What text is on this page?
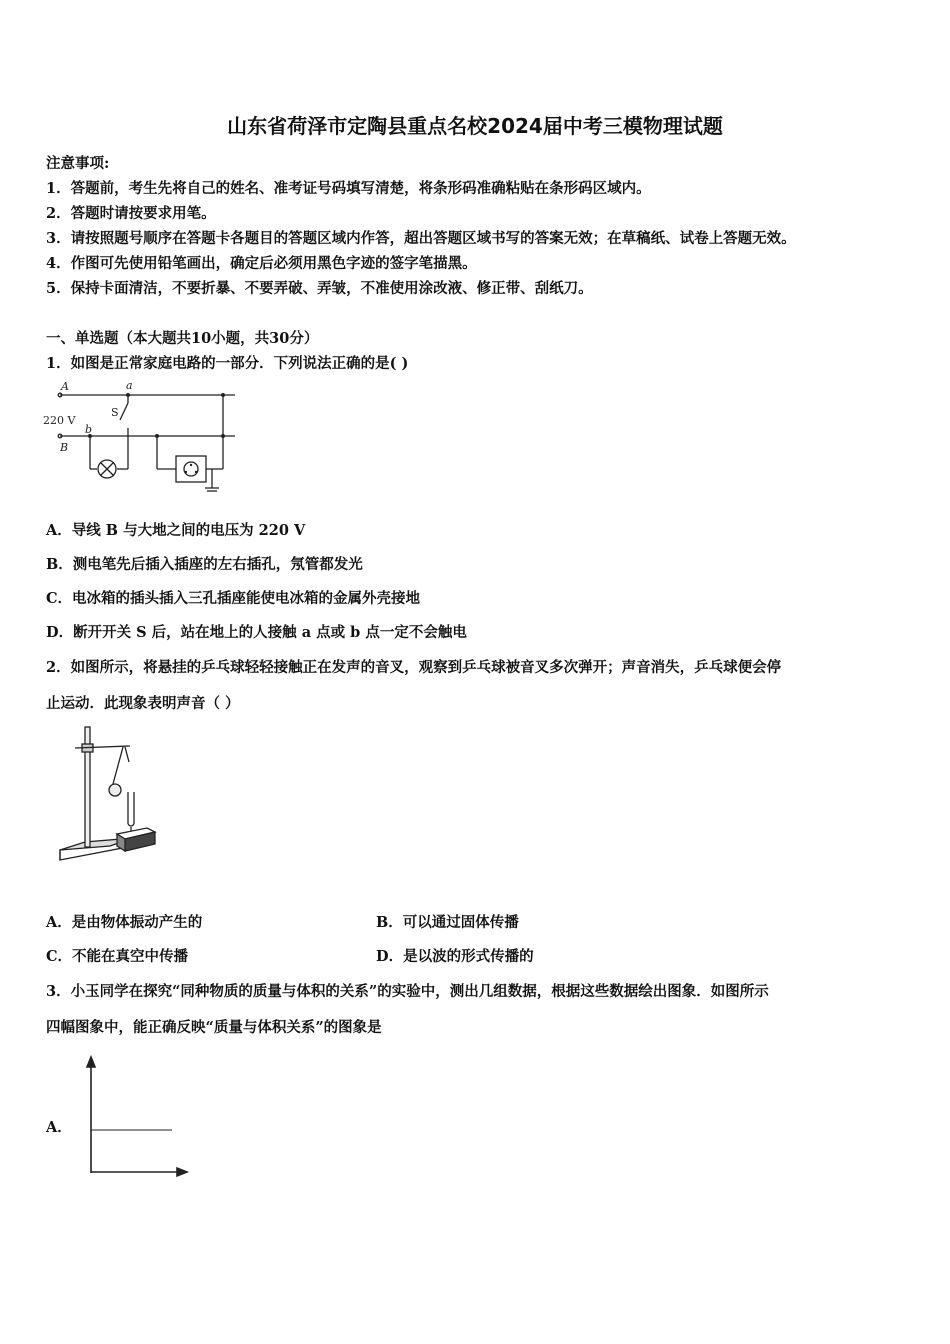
山东省荷泽市定陶县重点名校2024届中考三模物理试题
注意事项:
1．答题前，考生先将自己的姓名、准考证号码填写清楚，将条形码准确粘贴在条形码区域内。
2．答题时请按要求用笔。
3．请按照题号顺序在答题卡各题目的答题区域内作答，超出答题区域书写的答案无效；在草稿纸、试卷上答题无效。
4．作图可先使用铅笔画出，确定后必须用黑色字迹的签字笔描黑。
5．保持卡面清洁，不要折暴、不要弄破、弄皱，不准使用涂改液、修正带、刮纸刀。
一、单选题（本大题共10小题，共30分）
1．如图是正常家庭电路的一部分．下列说法正确的是( )
A
B
a
b
S
220 V
A．导线 B 与大地之间的电压为 220 V
B．测电笔先后插入插座的左右插孔，氖管都发光
C．电冰箱的插头插入三孔插座能使电冰箱的金属外壳接地
D．断开开关 S 后，站在地上的人接触 a 点或 b 点一定不会触电
2．如图所示，将悬挂的乒乓球轻轻接触正在发声的音叉，观察到乒乓球被音叉多次弹开；声音消失，乒乓球便会停
止运动．此现象表明声音（ ）
A．是由物体振动产生的	B．可以通过固体传播
C．不能在真空中传播	D．是以波的形式传播的
3．小玉同学在探究“同种物质的质量与体积的关系”的实验中，测出几组数据，根据这些数据绘出图象．如图所示
四幅图象中，能正确反映“质量与体积关系”的图象是
A．
